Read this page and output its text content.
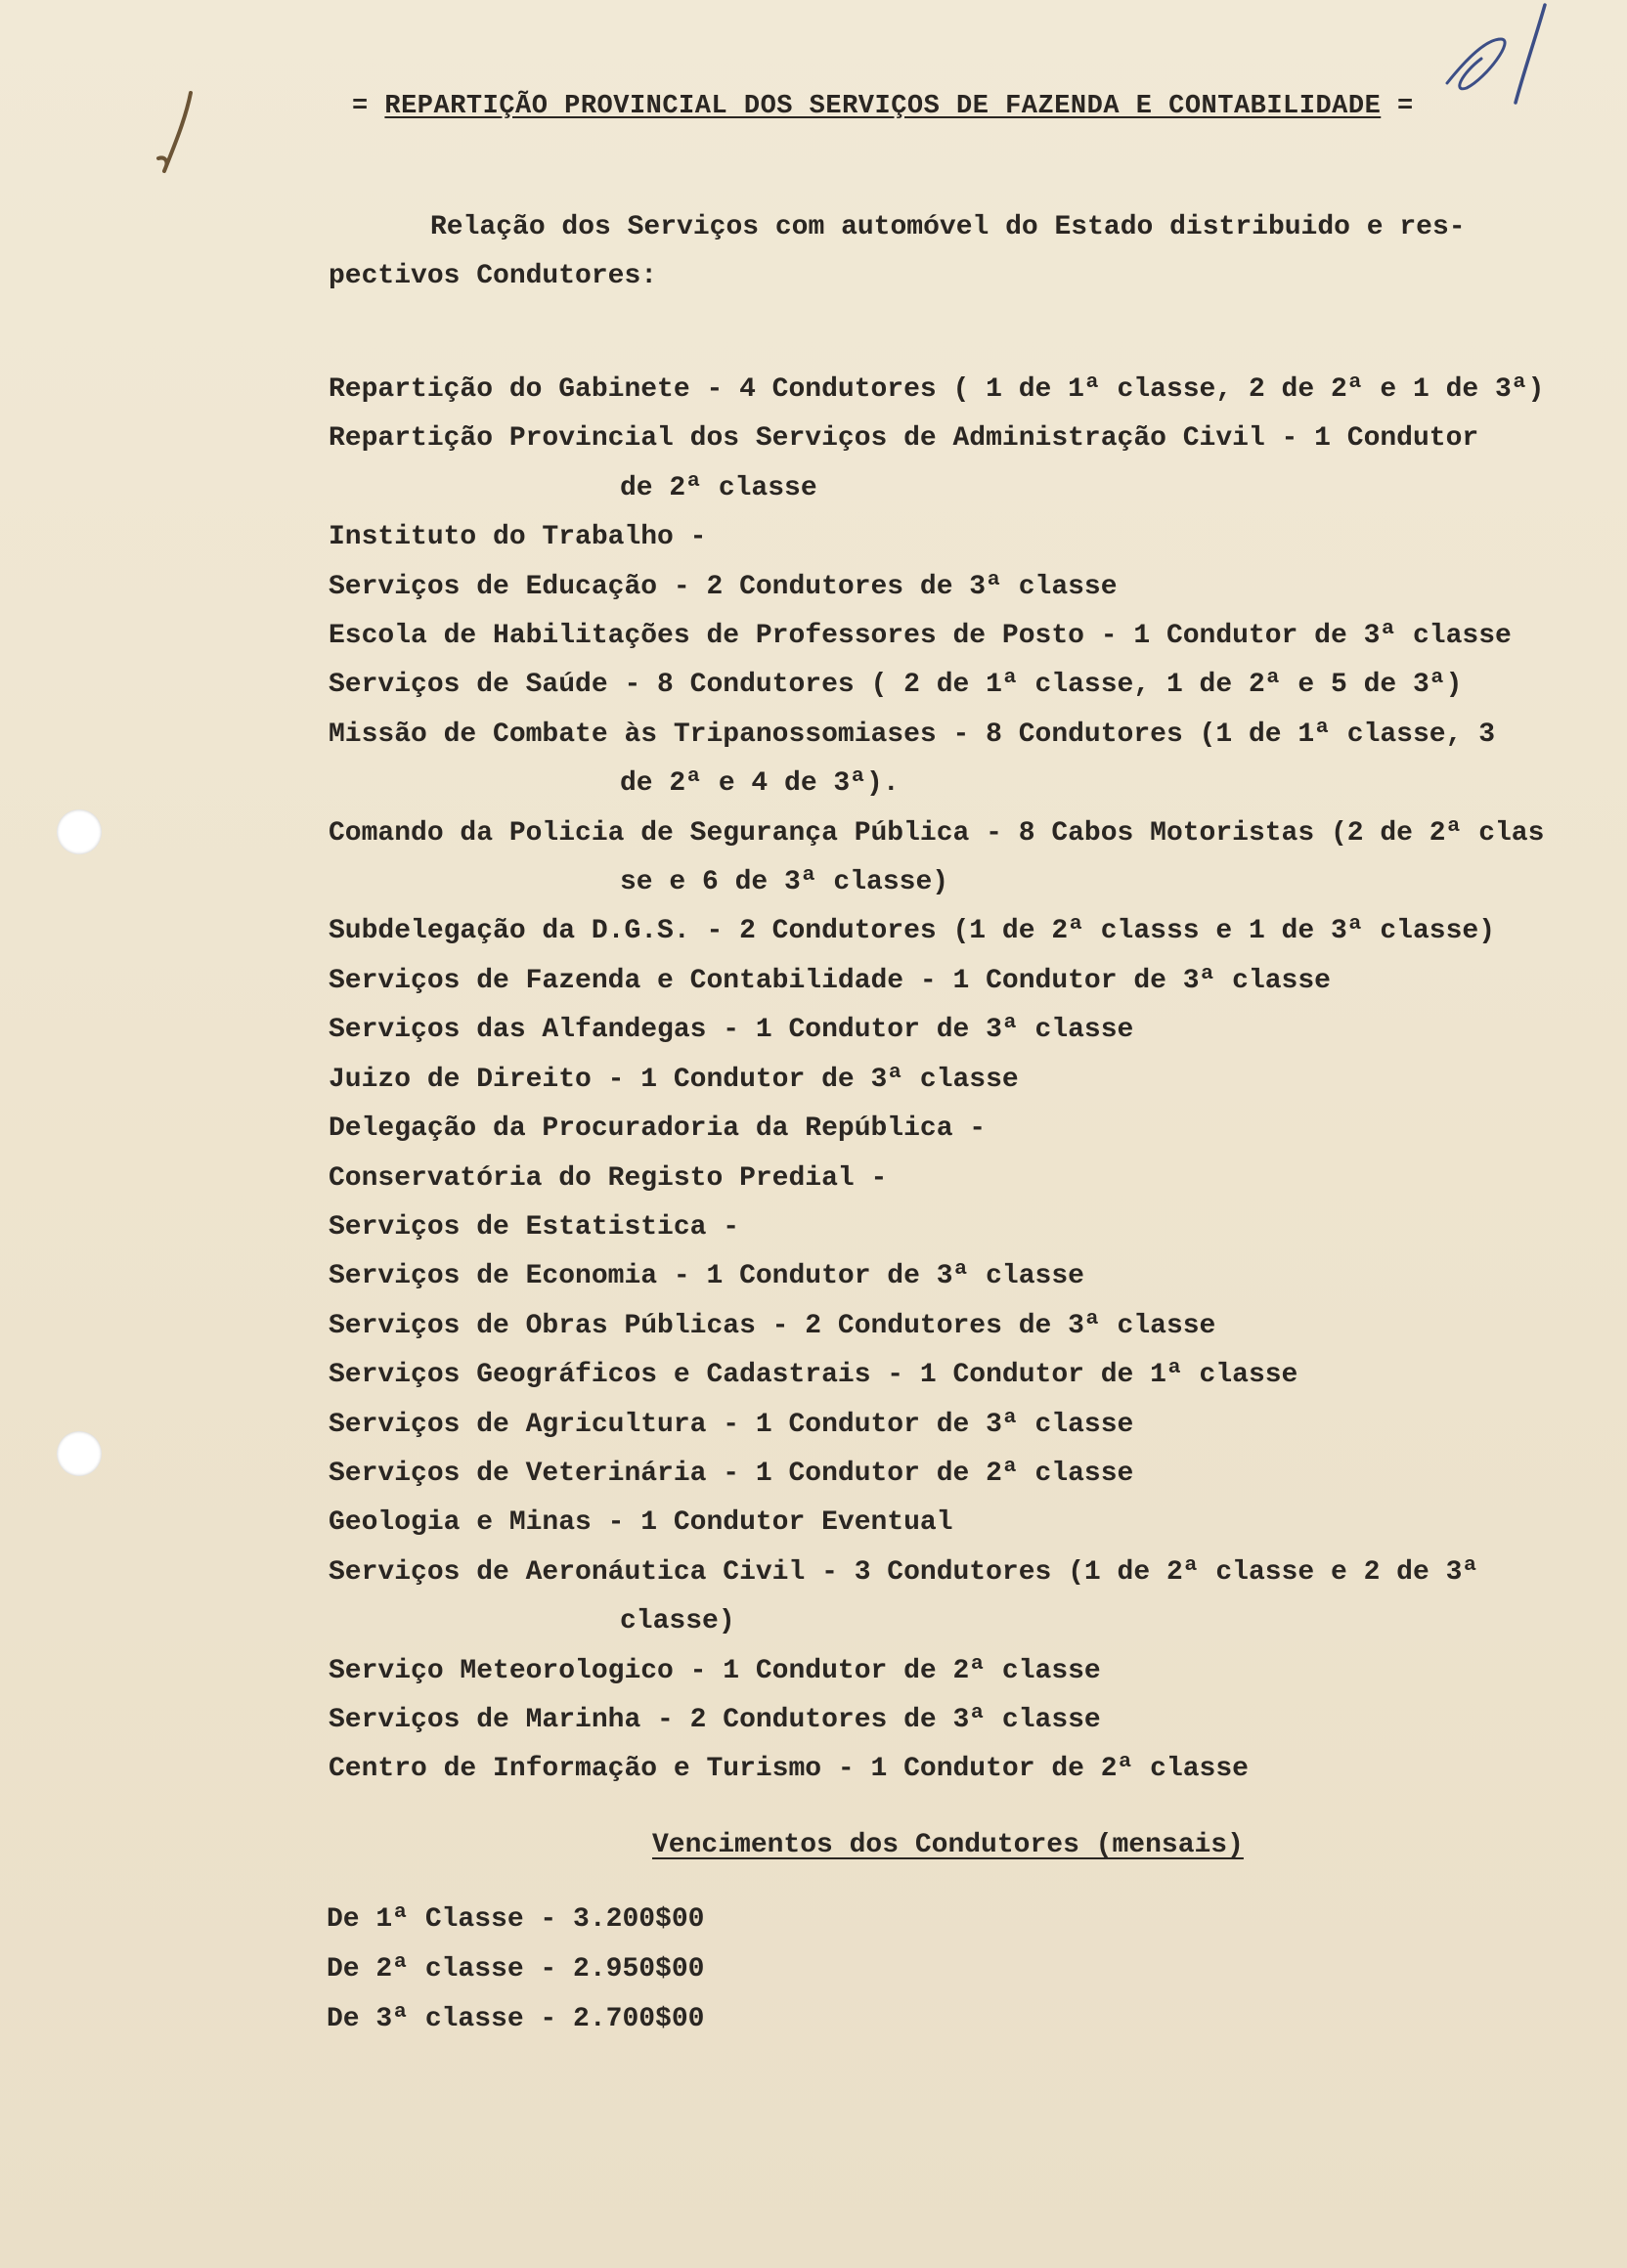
= REPARTIÇÃO PROVINCIAL DOS SERVIÇOS DE FAZENDA E CONTABILIDADE =
Relação dos Serviços com automóvel do Estado distribuido e res-
pectivos Condutores:
Repartição do Gabinete - 4 Condutores ( 1 de 1ª classe, 2 de 2ª e 1 de 3ª)
Repartição Provincial dos Serviços de Administração Civil - 1 Condutor
de 2ª classe
Instituto do Trabalho -
Serviços de Educação - 2 Condutores de 3ª classe
Escola de Habilitações de Professores de Posto - 1 Condutor de 3ª classe
Serviços de Saúde - 8 Condutores ( 2 de 1ª classe, 1 de 2ª e 5 de 3ª)
Missão de Combate às Tripanossomiases - 8 Condutores (1 de 1ª classe, 3
de 2ª e 4 de 3ª).
Comando da Policia de Segurança Pública - 8 Cabos Motoristas (2 de 2ª clas
se e 6 de 3ª classe)
Subdelegação da D.G.S. - 2 Condutores (1 de 2ª classs e 1 de 3ª classe)
Serviços de Fazenda e Contabilidade - 1 Condutor de 3ª classe
Serviços das Alfandegas - 1 Condutor de 3ª classe
Juizo de Direito - 1 Condutor de 3ª classe
Delegação da Procuradoria da República -
Conservatória do Registo Predial -
Serviços de Estatistica -
Serviços de Economia - 1 Condutor de 3ª classe
Serviços de Obras Públicas - 2 Condutores de 3ª classe
Serviços Geográficos e Cadastrais - 1 Condutor de 1ª classe
Serviços de Agricultura - 1 Condutor de 3ª classe
Serviços de Veterinária - 1 Condutor de 2ª classe
Geologia e Minas - 1 Condutor Eventual
Serviços de Aeronáutica Civil - 3 Condutores (1 de 2ª classe e 2 de 3ª
classe)
Serviço Meteorologico - 1 Condutor de 2ª classe
Serviços de Marinha - 2 Condutores de 3ª classe
Centro de Informação e Turismo - 1 Condutor de 2ª classe
Vencimentos dos Condutores (mensais)
De 1ª Classe - 3.200$00
De 2ª classe - 2.950$00
De 3ª classe - 2.700$00
